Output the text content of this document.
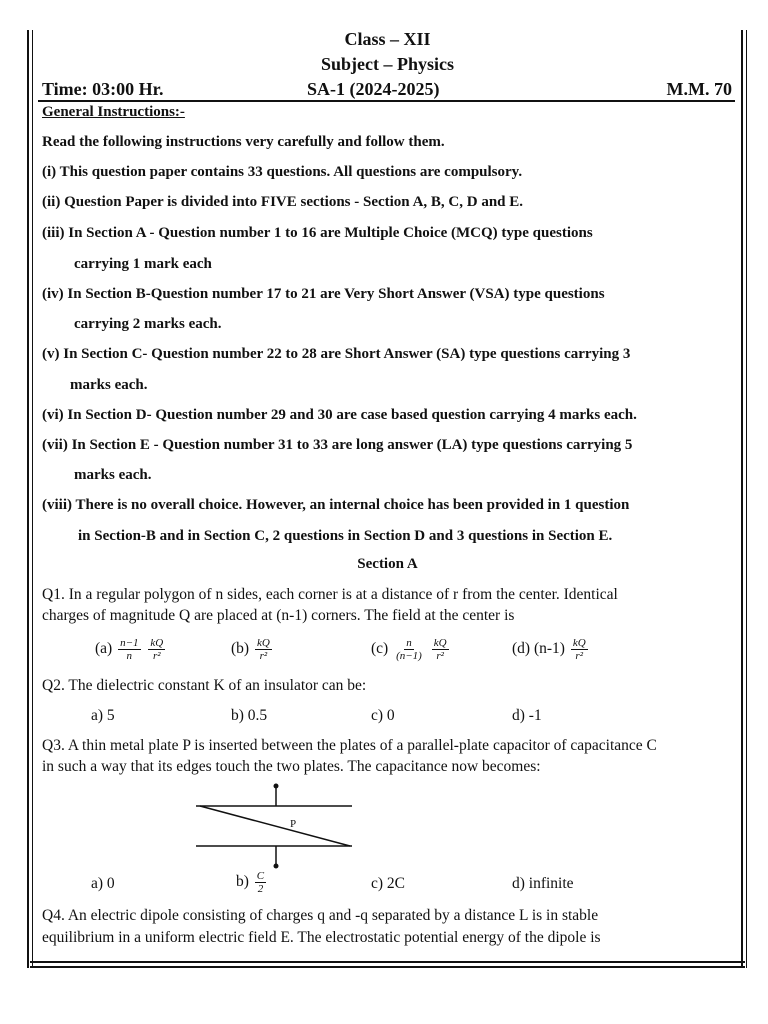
Class – XII
Subject – Physics
Time: 03:00 Hr.	SA-1 (2024-2025)	M.M. 70
General Instructions:-
Read the following instructions very carefully and follow them.
(i) This question paper contains 33 questions. All questions are compulsory.
(ii) Question Paper is divided into FIVE sections - Section A, B, C, D and E.
(iii) In Section A - Question number 1 to 16 are Multiple Choice (MCQ) type questions
carrying 1 mark each
(iv) In Section B-Question number 17 to 21 are Very Short Answer (VSA) type questions
carrying 2 marks each.
(v) In Section C- Question number 22 to 28 are Short Answer (SA) type questions carrying 3
marks each.
(vi) In Section D- Question number 29 and 30 are case based question carrying 4 marks each.
(vii) In Section E - Question number 31 to 33 are long answer (LA) type questions carrying 5
marks each.
(viii) There is no overall choice. However, an internal choice has been provided in 1 question
in Section-B and in Section C, 2 questions in Section D and 3 questions in Section E.
Section A
Q1. In a regular polygon of n sides, each corner is at a distance of r from the center. Identical
charges of magnitude Q are placed at (n-1) corners. The field at the center is
$(a) \frac{n-1}{n}$
$\frac{kQ}{\text{r²}}$	$(b) \frac{kQ}{\text{r²}}$	$(c) \frac{n}{(n-1)}$
$\frac{kQ}{\text{r²}}$	(d) $(n-1) \frac{kQ}{\text{r²}}$
Q2. The dielectric constant K of an insulator can be:
a) 5	b) 0.5	c) 0	d) -1
Q3. A thin metal plate P is inserted between the plates of a parallel-plate capacitor of capacitance C
in such a way that its edges touch the two plates. The capacitance now becomes:
P
a) 0	$b) \frac{C}{2}$	c) 2C	d) infinite
Q4. An electric dipole consisting of charges q and -q separated by a distance L is in stable
equilibrium in a uniform electric field E. The electrostatic potential energy of the dipole is
